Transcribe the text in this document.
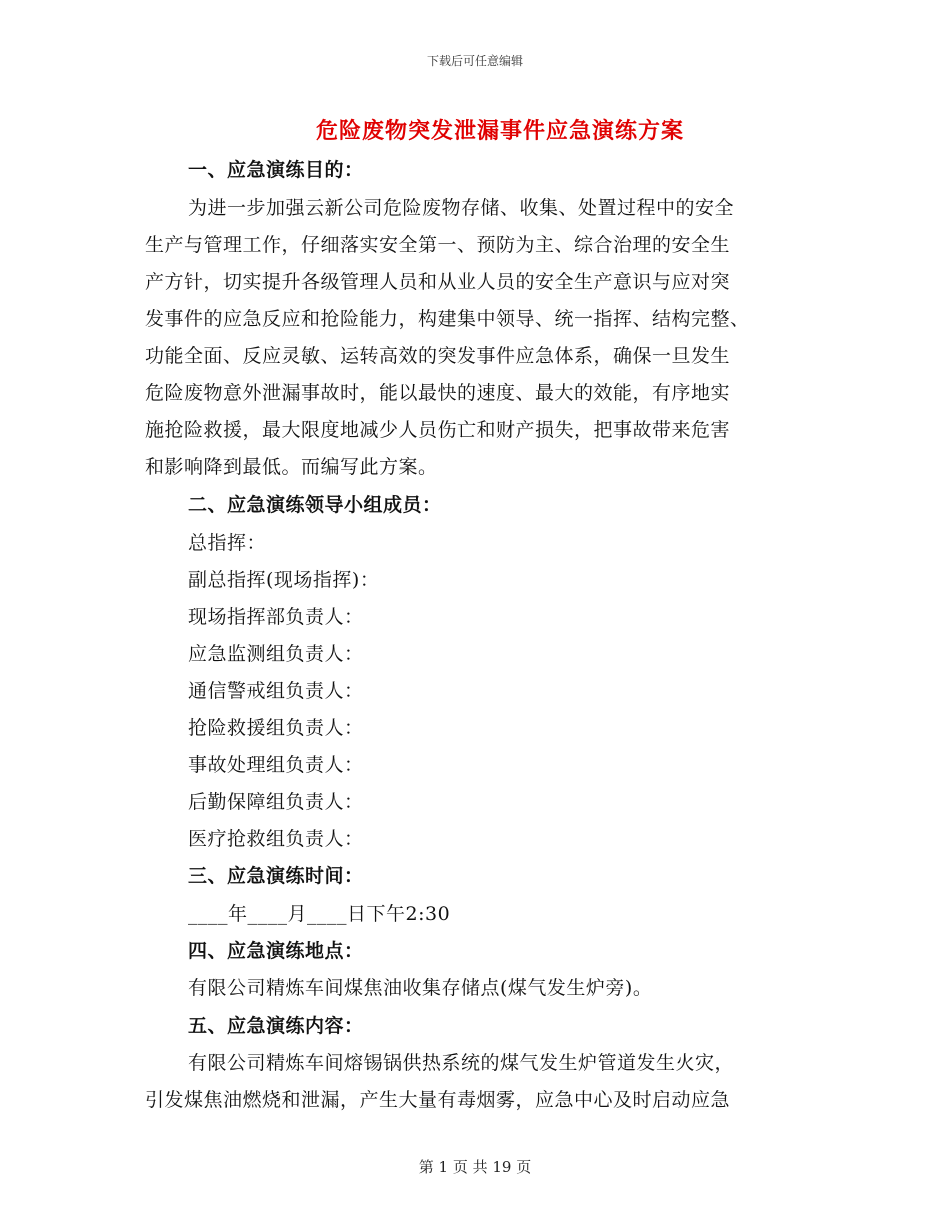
下载后可任意编辑
危险废物突发泄漏事件应急演练方案
一、应急演练目的：
为进一步加强云新公司危险废物存储、收集、处置过程中的安全
生产与管理工作，仔细落实安全第一、预防为主、综合治理的安全生
产方针，切实提升各级管理人员和从业人员的安全生产意识与应对突
发事件的应急反应和抢险能力，构建集中领导、统一指挥、结构完整、
功能全面、反应灵敏、运转高效的突发事件应急体系，确保一旦发生
危险废物意外泄漏事故时，能以最快的速度、最大的效能，有序地实
施抢险救援，最大限度地减少人员伤亡和财产损失，把事故带来危害
和影响降到最低。而编写此方案。
二、应急演练领导小组成员：
总指挥：
副总指挥(现场指挥)：
现场指挥部负责人：
应急监测组负责人：
通信警戒组负责人：
抢险救援组负责人：
事故处理组负责人：
后勤保障组负责人：
医疗抢救组负责人：
三、应急演练时间：
____年____月____日下午2:30
四、应急演练地点：
有限公司精炼车间煤焦油收集存储点(煤气发生炉旁)。
五、应急演练内容：
有限公司精炼车间熔锡锅供热系统的煤气发生炉管道发生火灾，
引发煤焦油燃烧和泄漏，产生大量有毒烟雾，应急中心及时启动应急
第 1 页 共 19 页
